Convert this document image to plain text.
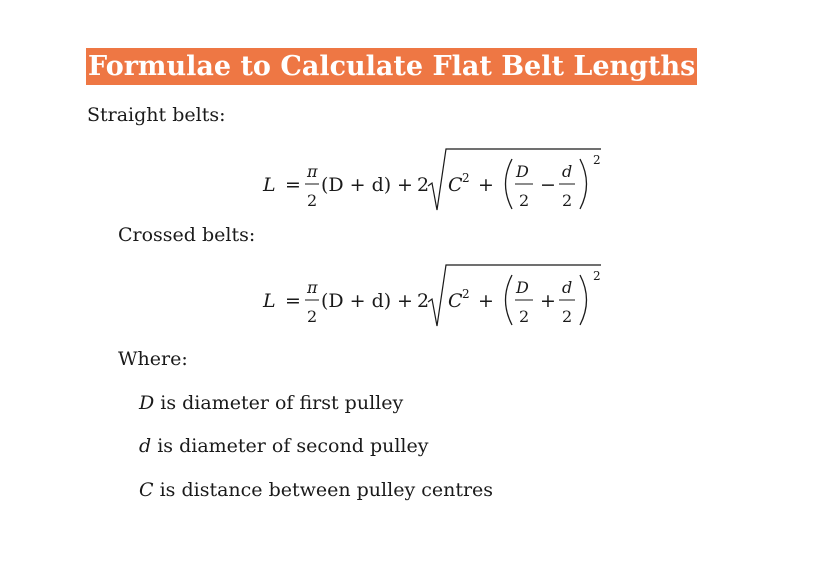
Formulae to Calculate Flat Belt Lengths
Straight belts:
L =
π
2
(D + d) + 2 C 2 +
D
2
−
d
2
2
Crossed belts:
L =
π
2
(D + d) + 2 C 2 +
D
2
+
d
2
2
Where:
D is diameter of first pulley
d is diameter of second pulley
C is distance between pulley centres
